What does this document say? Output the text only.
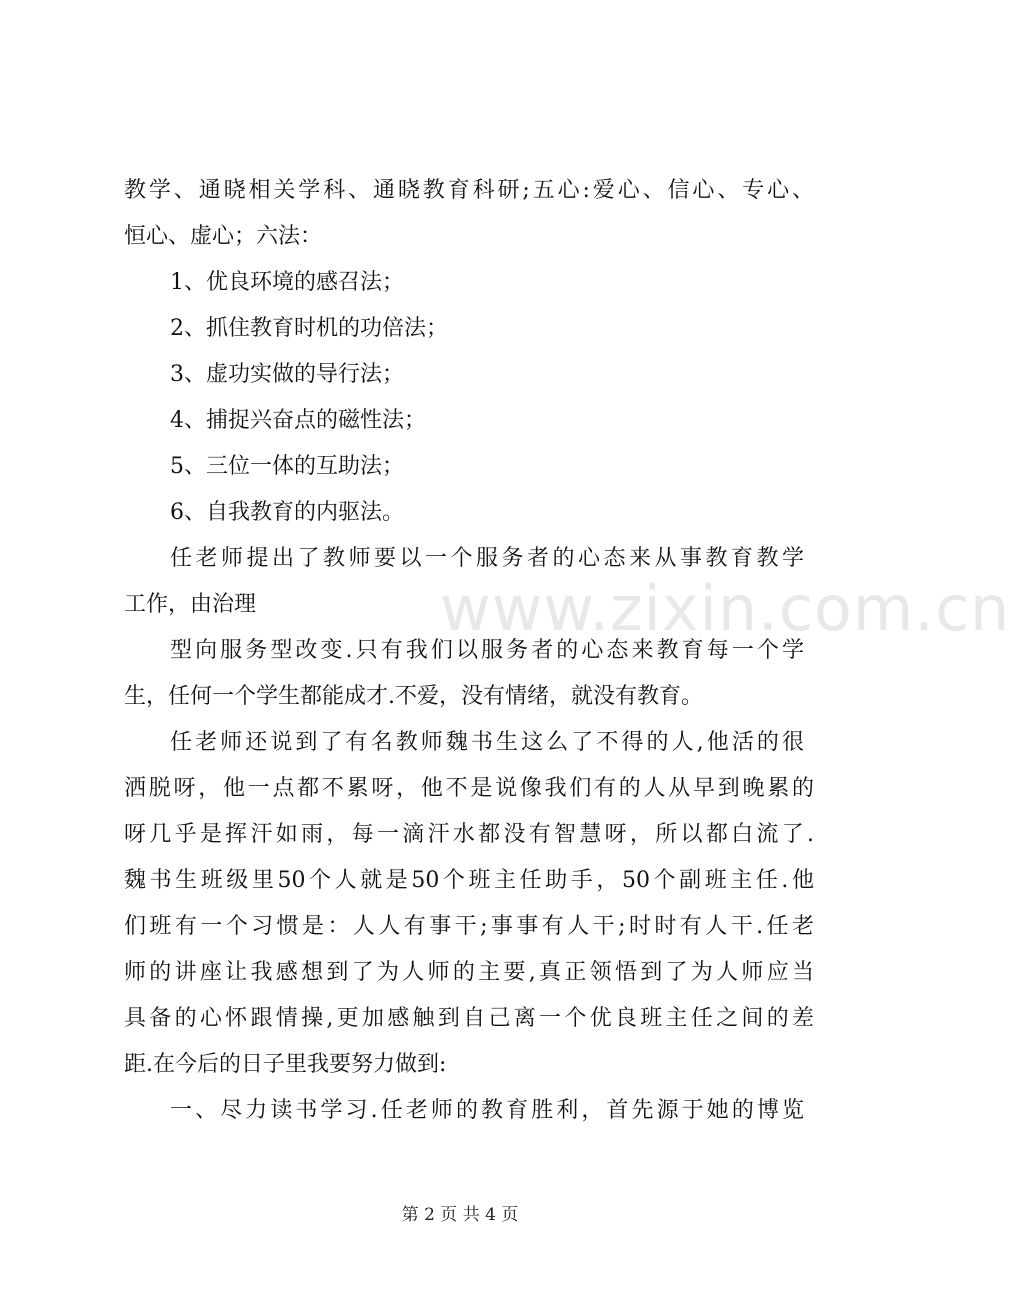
www.zixin.com.cn
教学、通晓相关学科、通晓教育科研;五心:爱心、信心、专心、
恒心、虚心；六法：
1、优良环境的感召法；
2、抓住教育时机的功倍法；
3、虚功实做的导行法；
4、捕捉兴奋点的磁性法；
5、三位一体的互助法；
6、自我教育的内驱法。
任老师提出了教师要以一个服务者的心态来从事教育教学
工作，由治理
型向服务型改变.只有我们以服务者的心态来教育每一个学
生，任何一个学生都能成才.不爱，没有情绪，就没有教育。
任老师还说到了有名教师魏书生这么了不得的人,他活的很
洒脱呀，他一点都不累呀，他不是说像我们有的人从早到晚累的
呀几乎是挥汗如雨，每一滴汗水都没有智慧呀，所以都白流了.
魏书生班级里50个人就是50个班主任助手，50个副班主任.他
们班有一个习惯是：人人有事干;事事有人干;时时有人干.任老
师的讲座让我感想到了为人师的主要,真正领悟到了为人师应当
具备的心怀跟情操,更加感触到自己离一个优良班主任之间的差
距.在今后的日子里我要努力做到:
一、尽力读书学习.任老师的教育胜利，首先源于她的博览
第 2 页 共 4 页
